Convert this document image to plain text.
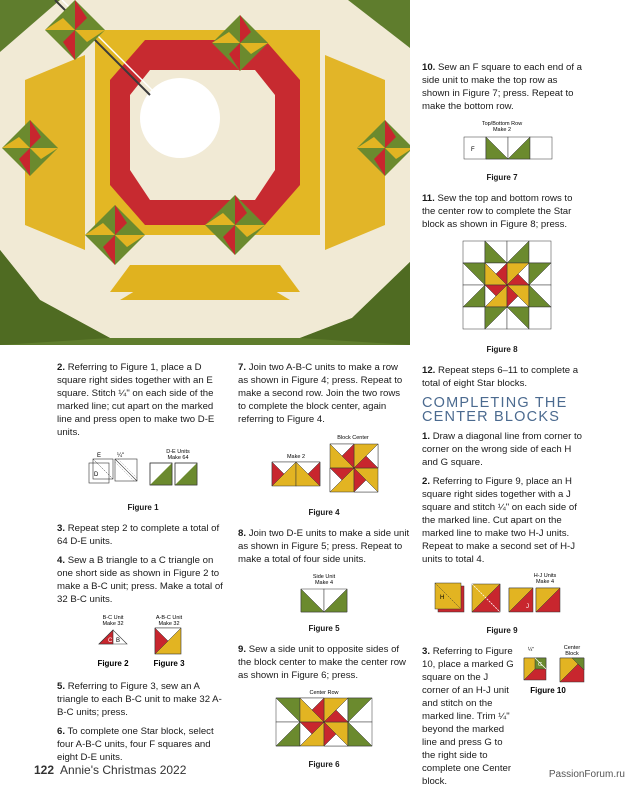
2. Referring to Figure 1, place a D square right sides together with an E square. Stitch ¼" on each side of the marked line; cut apart on the marked line and press open to make two D-E units.
E	¼"
D
D-E Units
Make 64
Figure 1
3. Repeat step 2 to complete a total of 64 D-E units.
4. Sew a B triangle to a C triangle on one short side as shown in Figure 2 to make a B-C unit; press. Make a total of 32 B-C units.
B-C Unit
Make 32
C B
A-B-C Unit
Make 32
Figure 2	Figure 3
5. Referring to Figure 3, sew an A triangle to each B-C unit to make 32 A-B-C units; press.
6. To complete one Star block, select four A-B-C units, four F squares and eight D-E units.
7. Join two A-B-C units to make a row as shown in Figure 4; press. Repeat to make a second row. Join the two rows to complete the block center, again referring to Figure 4.
Block Center
Make 2
Figure 4
8. Join two D-E units to make a side unit as shown in Figure 5; press. Repeat to make a total of four side units.
Side Unit
Make 4
Figure 5
9. Sew a side unit to opposite sides of the block center to make the center row as shown in Figure 6; press.
Center Row
Figure 6
10. Sew an F square to each end of a side unit to make the top row as shown in Figure 7; press. Repeat to make the bottom row.
Top/Bottom Row
Make 2
F
Figure 7
11. Sew the top and bottom rows to the center row to complete the Star block as shown in Figure 8; press.
Figure 8
12. Repeat steps 6–11 to complete a total of eight Star blocks.
COMPLETING THE
CENTER BLOCKS
1. Draw a diagonal line from corner to corner on the wrong side of each H and G square.
2. Referring to Figure 9, place an H square right sides together with a J square and stitch ¼" on each side of the marked line. Cut apart on the marked line to make two H-J units. Repeat to make a second set of H-J units to total 4.
H-J Units
Make 4
H
J
Figure 9
3. Referring to Figure 10, place a marked G square on the J corner of an H-J unit and stitch on the marked line. Trim ¼" beyond the marked line and press G to the right side to complete one Center block.
¼"	Center
Block
G
Figure 10
122 Annie's Christmas 2022	PassionForum.ru
